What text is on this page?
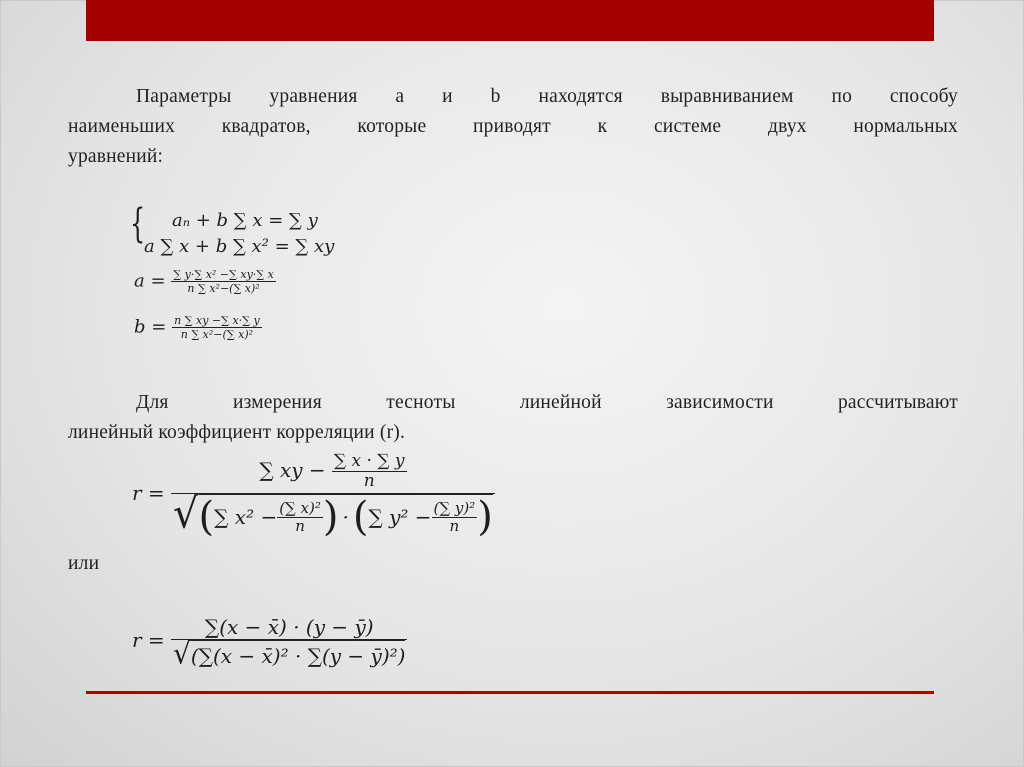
Параметры уравнения a и b находятся выравниванием по способу
наименьших квадратов, которые приводят к системе двух нормальных
уравнений:
{	aₙ + b ∑ x = ∑ y
a ∑ x + b ∑ x² = ∑ xy
$a = \frac{\text{∑ y·∑ x² −∑ xy·∑ x}}{\text{n ∑ x²−(∑ x)²}}$
$b = \frac{n \sum xy -\sum x\cdot\sum y}{\text{n ∑ x²−(∑ x)²}}$
Для измерения тесноты линейной зависимости рассчитывают
линейный коэффициент корреляции (r).
r =
∑ xy − $\frac{\sum x \cdot \sum y}{n}$
√ ( ∑ $x^2 - \frac{\text{(∑ x)²}}{n}$ ) · ( ∑ $y^2 - \frac{\text{(∑ y)²}}{n}$ )
или
$r = \frac{\sum(x - x̄) \cdot (y - ȳ)}{\text{√ (∑(x − x̄)² · ∑(y − ȳ)²)}}$
